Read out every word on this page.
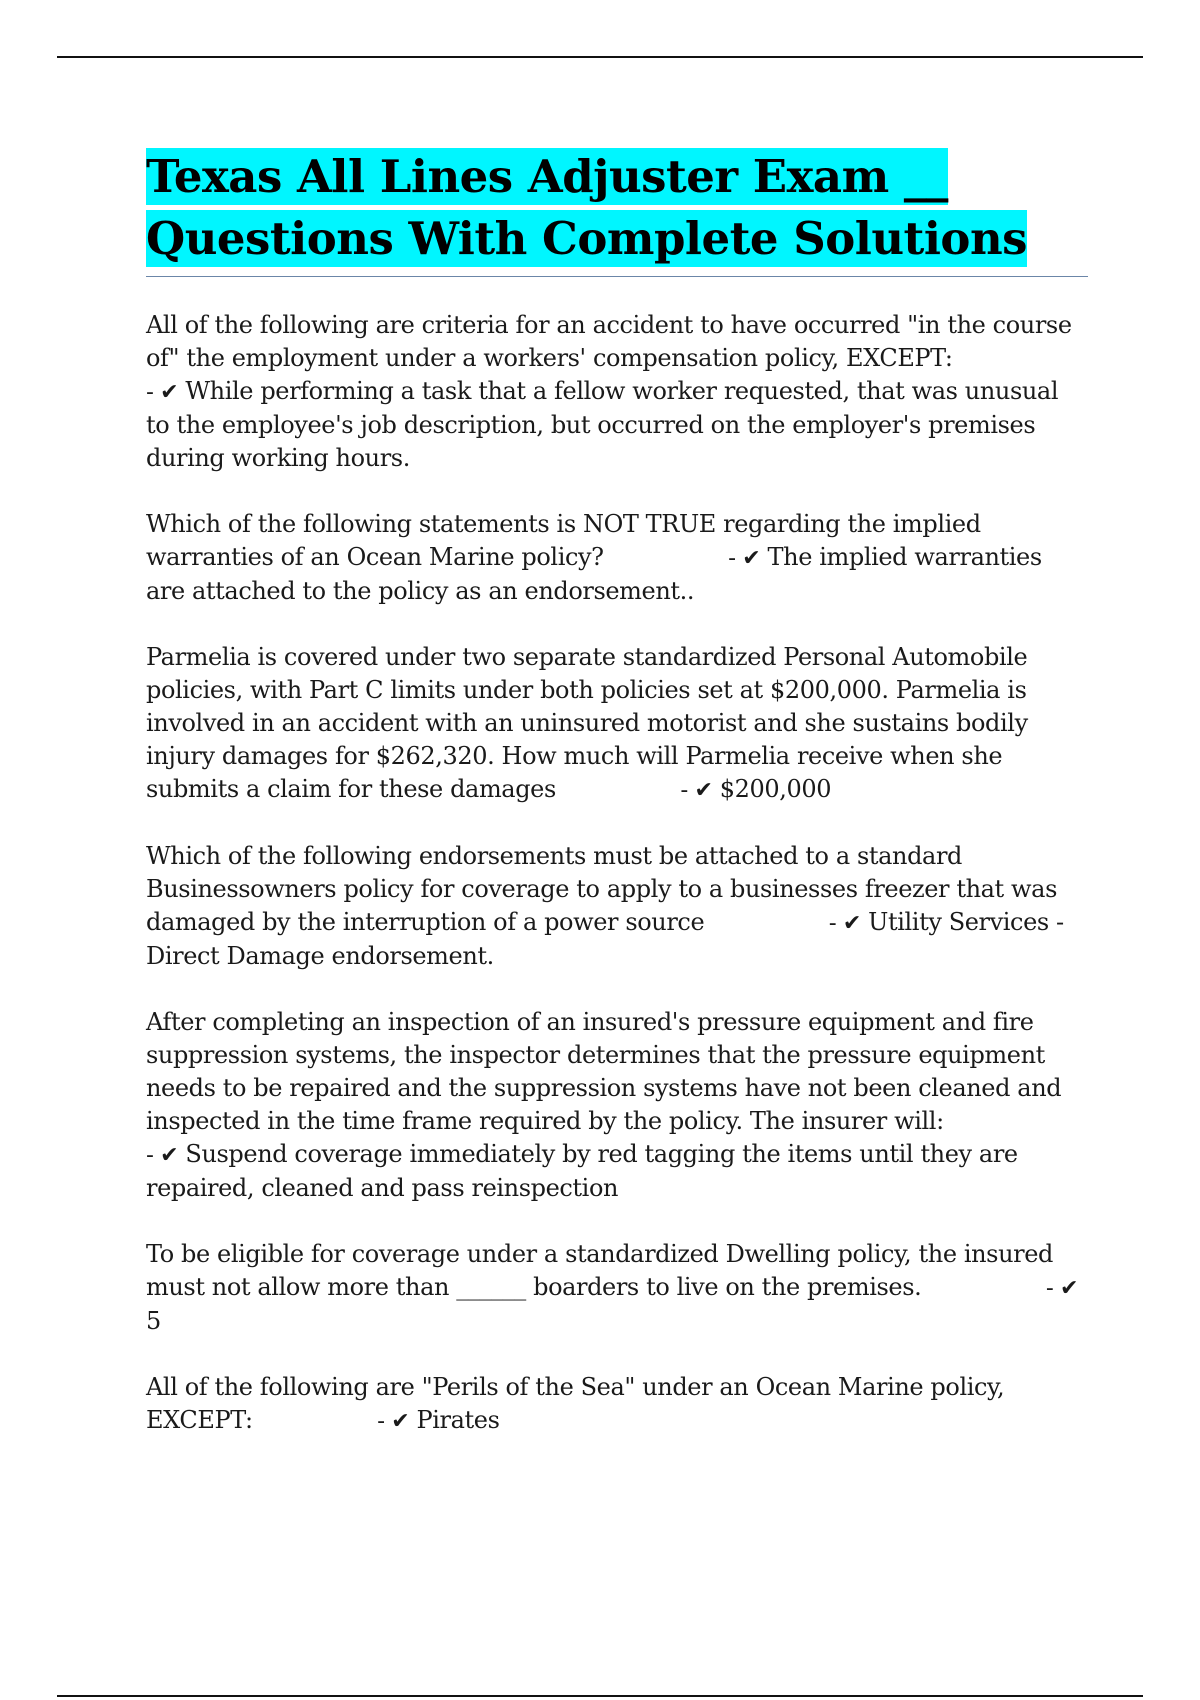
Texas All Lines Adjuster Exam __
Questions With Complete Solutions

All of the following are criteria for an accident to have occurred "in the course of" the employment under a workers' compensation policy, EXCEPT:
- ✔ While performing a task that a fellow worker requested, that was unusual to the employee's job description, but occurred on the employer's premises during working hours.

Which of the following statements is NOT TRUE regarding the implied warranties of an Ocean Marine policy?	- ✔ The implied warranties are attached to the policy as an endorsement..

Parmelia is covered under two separate standardized Personal Automobile policies, with Part C limits under both policies set at $200,000. Parmelia is involved in an accident with an uninsured motorist and she sustains bodily injury damages for $262,320. How much will Parmelia receive when she submits a claim for these damages	- ✔ $200,000

Which of the following endorsements must be attached to a standard Businessowners policy for coverage to apply to a businesses freezer that was damaged by the interruption of a power source	- ✔ Utility Services - Direct Damage endorsement.

After completing an inspection of an insured's pressure equipment and fire suppression systems, the inspector determines that the pressure equipment needs to be repaired and the suppression systems have not been cleaned and inspected in the time frame required by the policy. The insurer will:
- ✔ Suspend coverage immediately by red tagging the items until they are repaired, cleaned and pass reinspection

To be eligible for coverage under a standardized Dwelling policy, the insured must not allow more than ______ boarders to live on the premises.	- ✔ 5

All of the following are "Perils of the Sea" under an Ocean Marine policy, EXCEPT:	- ✔ Pirates
